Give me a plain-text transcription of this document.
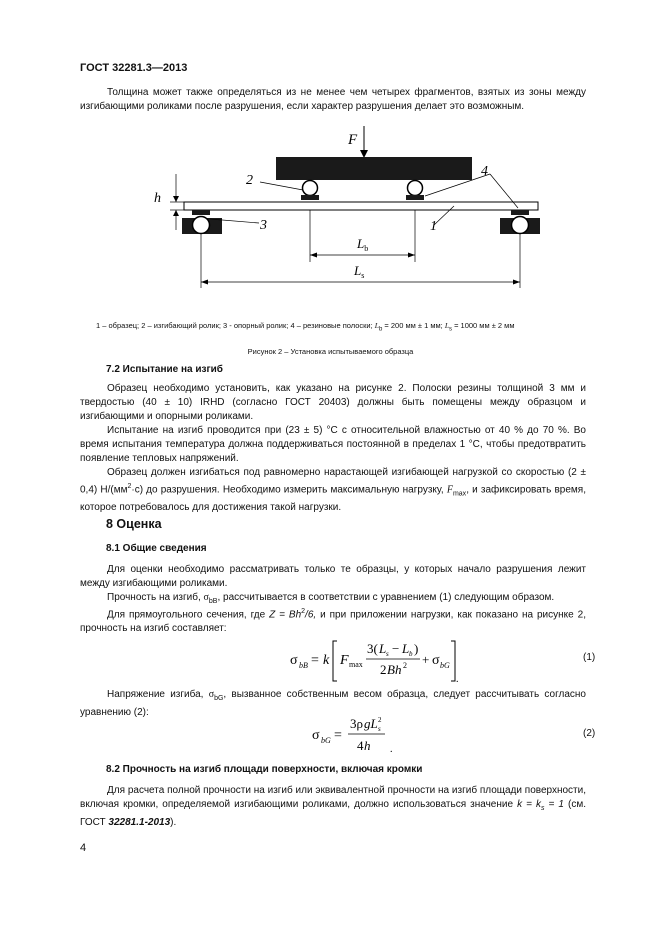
ГОСТ 32281.3—2013
Толщина может также определяться из не менее чем четырех фрагментов, взятых из зоны между изгибающими роликами после разрушения, если характер разрушения делает это возможным.
F
h
2
4
3	1
$L_b$
$L_s$
1 – образец; 2 – изгибающий ролик; 3 - опорный ролик; 4 – резиновые полоски; $L_b = 200$ мм ± 1 мм; $L_s = 1000$ мм ± 2 мм
Рисунок 2 – Установка испытываемого образца
7.2 Испытание на изгиб
Образец необходимо установить, как указано на рисунке 2. Полоски резины толщиной 3 мм и твердостью (40 ± 10) IRHD (согласно ГОСТ 20403) должны быть помещены между образцом и изгибающими и опорными роликами.
Испытание на изгиб проводится при (23 ± 5) °С с относительной влажностью от 40 % до 70 %. Во время испытания температура должна поддерживаться постоянной в пределах 1 °С, чтобы предотвратить появление тепловых напряжений.
Образец должен изгибаться под равномерно нарастающей изгибающей нагрузкой со скоростью (2 ± 0,4) $Н/(мм^2\cdot с)$ до разрушения. Необходимо измерить максимальную нагрузку, $F_{max}$, и зафиксировать время, которое потребовалось для достижения такой нагрузки.
8 Оценка
8.1 Общие сведения
Для оценки необходимо рассматривать только те образцы, у которых начало разрушения лежит между изгибающими роликами.
Прочность на изгиб, $\sigma_{bB}$, рассчитывается в соответствии с уравнением (1) следующим образом.
Для прямоугольного сечения, где $Z = Bh^2/6$, и при приложении нагрузки, как показано на рисунке 2, прочность на изгиб составляет:
σ bB = k F max
3( L s − L b )
2 Bh 2 + σ bG
.
(1)
Напряжение изгиба, $\sigma_{bG}$, вызванное собственным весом образца, следует рассчитывать согласно уравнению (2):
σ bG =
3ρ gL 2
s
4 h .
(2)
8.2 Прочность на изгиб площади поверхности, включая кромки
Для расчета полной прочности на изгиб или эквивалентной прочности на изгиб площади поверхности, включая кромки, определяемой изгибающими роликами, должно использоваться значение $k = k_s = 1$ (см. ГОСТ 32281.1-2013).
4
